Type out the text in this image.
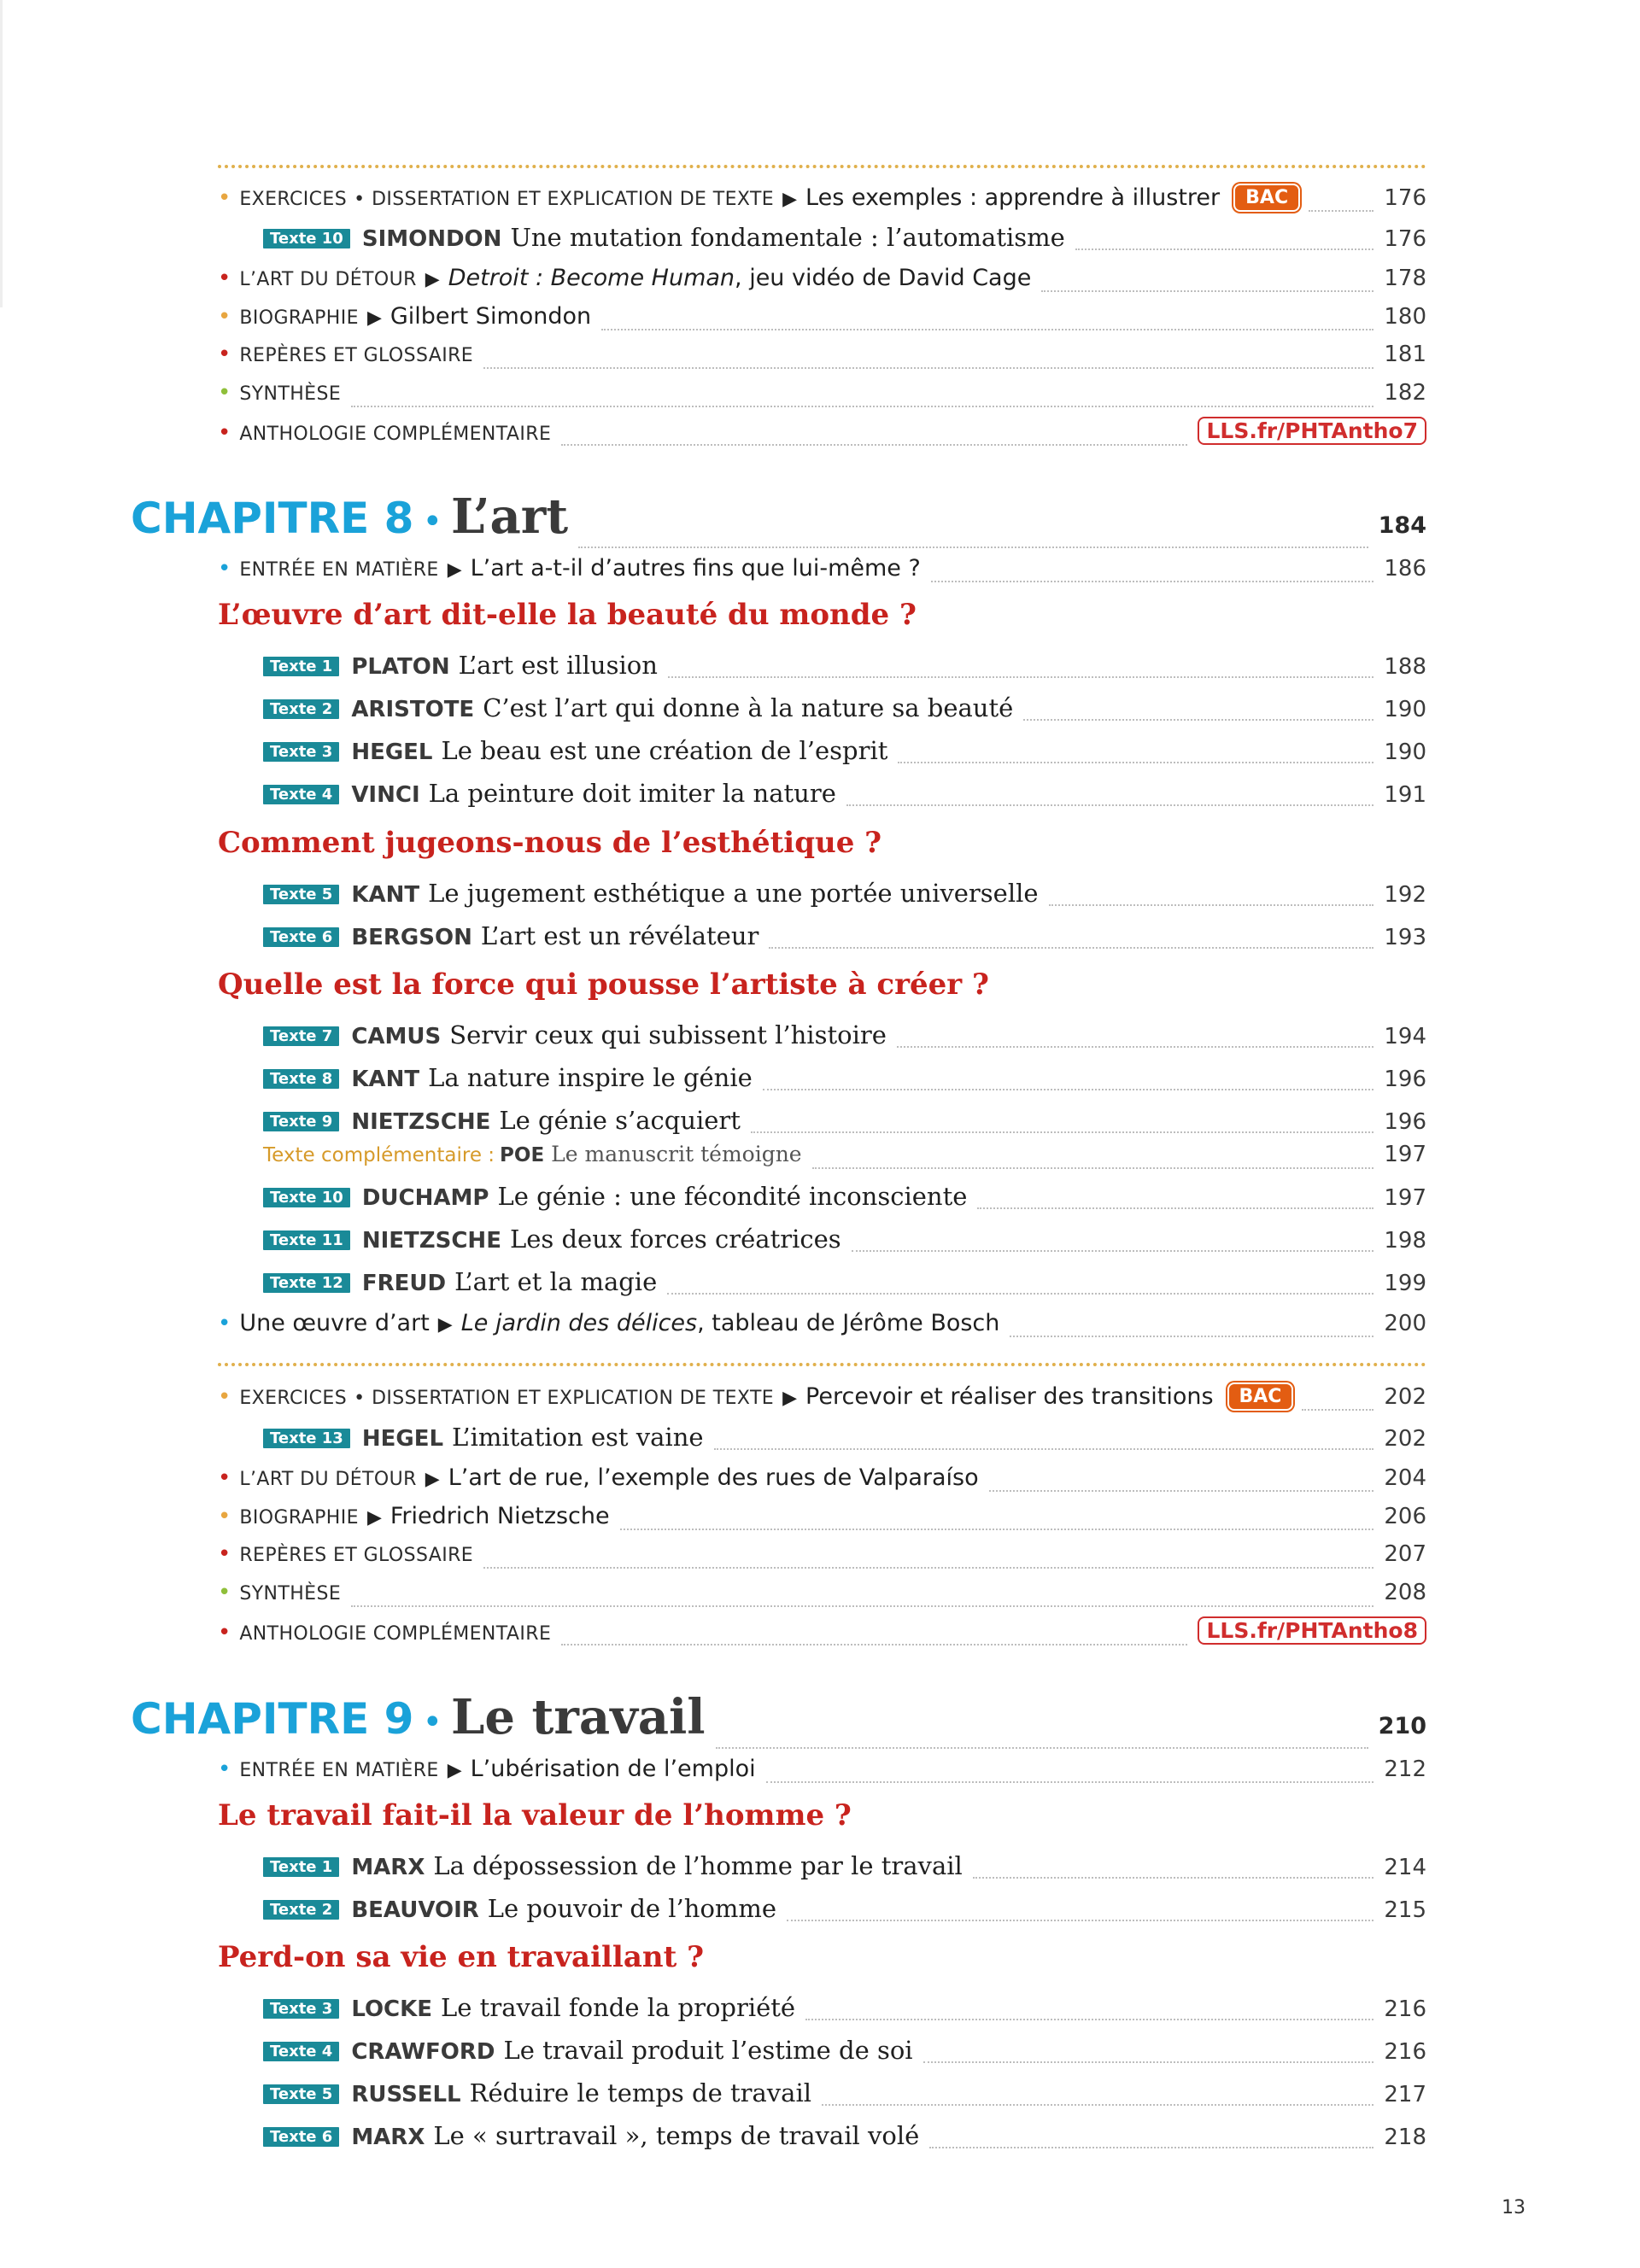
• EXERCICES • DISSERTATION ET EXPLICATION DE TEXTE ▶ Les exemples : apprendre à illustrer	BAC	176
Texte 10 SIMONDON Une mutation fondamentale : l’automatisme	176
• L’ART DU DÉTOUR ▶ Detroit : Become Human , jeu vidéo de David Cage	178
• BIOGRAPHIE ▶ Gilbert Simondon	180
• REPÈRES ET GLOSSAIRE	181
• SYNTHÈSE	182
• ANTHOLOGIE COMPLÉMENTAIRE	LLS.fr/PHTAntho7
CHAPITRE 8 • L’art	184
• ENTRÉE EN MATIÈRE ▶ L’art a-t-il d’autres fins que lui-même ?	186
L’œuvre d’art dit-elle la beauté du monde ?
Texte 1 PLATON L’art est illusion	188
Texte 2 ARISTOTE C’est l’art qui donne à la nature sa beauté	190
Texte 3 HEGEL Le beau est une création de l’esprit	190
Texte 4 VINCI La peinture doit imiter la nature	191
Comment jugeons-nous de l’esthétique ?
Texte 5 KANT Le jugement esthétique a une portée universelle	192
Texte 6 BERGSON L’art est un révélateur	193
Quelle est la force qui pousse l’artiste à créer ?
Texte 7 CAMUS Servir ceux qui subissent l’histoire	194
Texte 8 KANT La nature inspire le génie	196
Texte 9 NIETZSCHE Le génie s’acquiert	196
Texte complémentaire : POE Le manuscrit témoigne	197
Texte 10 DUCHAMP Le génie : une fécondité inconsciente	197
Texte 11 NIETZSCHE Les deux forces créatrices	198
Texte 12 FREUD L’art et la magie	199
• Une œuvre d’art ▶ Le jardin des délices , tableau de Jérôme Bosch	200
• EXERCICES • DISSERTATION ET EXPLICATION DE TEXTE ▶ Percevoir et réaliser des transitions	BAC	202
Texte 13 HEGEL L’imitation est vaine	202
• L’ART DU DÉTOUR ▶ L’art de rue, l’exemple des rues de Valparaíso	204
• BIOGRAPHIE ▶ Friedrich Nietzsche	206
• REPÈRES ET GLOSSAIRE	207
• SYNTHÈSE	208
• ANTHOLOGIE COMPLÉMENTAIRE	LLS.fr/PHTAntho8
CHAPITRE 9 • Le travail	210
• ENTRÉE EN MATIÈRE ▶ L’ubérisation de l’emploi	212
Le travail fait-il la valeur de l’homme ?
Texte 1 MARX La dépossession de l’homme par le travail	214
Texte 2 BEAUVOIR Le pouvoir de l’homme	215
Perd-on sa vie en travaillant ?
Texte 3 LOCKE Le travail fonde la propriété	216
Texte 4 CRAWFORD Le travail produit l’estime de soi	216
Texte 5 RUSSELL Réduire le temps de travail	217
Texte 6 MARX Le « surtravail », temps de travail volé	218
13
